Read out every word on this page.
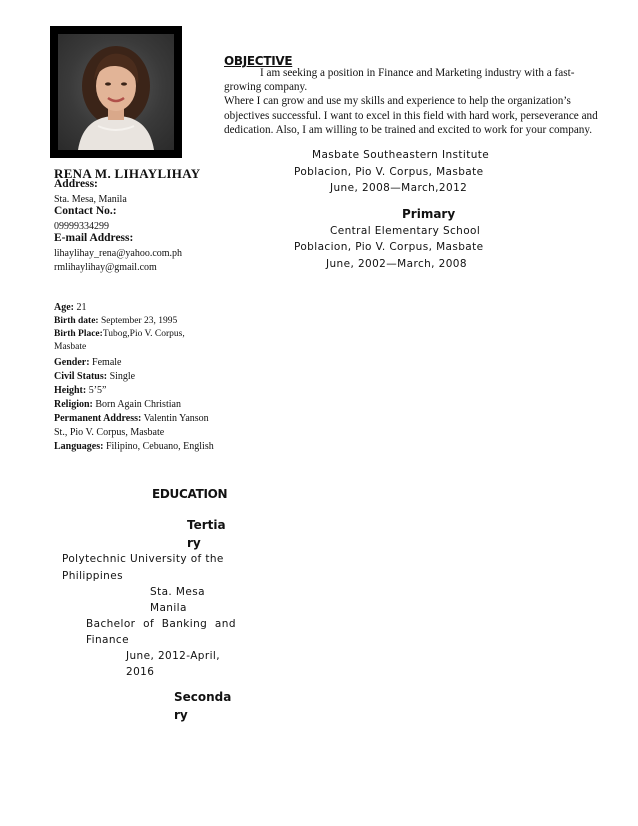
OBJECTIVE
I am seeking a position in Finance and Marketing industry with a fast-
growing company.
Where I can grow and use my skills and experience to help the organization’s
objectives successful. I want to excel in this field with hard work, perseverance and
dedication. Also, I am willing to be trained and excited to work for your company.
RENA M. LIHAYLIHAY
Address:
Sta. Mesa, Manila
Contact No.:
09999334299
E-mail Address:
lihaylihay_rena@yahoo.com.ph
rmlihaylihay@gmail.com
Age: 21
Birth date: September 23, 1995
Birth Place:Tubog,Pio V. Corpus,
Masbate
Gender: Female
Civil Status: Single
Height: 5’5”
Religion: Born Again Christian
Permanent Address: Valentin Yanson
St., Pio V. Corpus, Masbate
Languages: Filipino, Cebuano, English
Masbate Southeastern Institute
Poblacion, Pio V. Corpus, Masbate
June, 2008—March,2012
Primary
Central Elementary School
Poblacion, Pio V. Corpus, Masbate
June, 2002—March, 2008
EDUCATION
Tertia
ry
Polytechnic University of the
Philippines
Sta. Mesa
Manila
Bachelor of Banking and
Finance
June, 2012-April,
2016
Seconda
ry
